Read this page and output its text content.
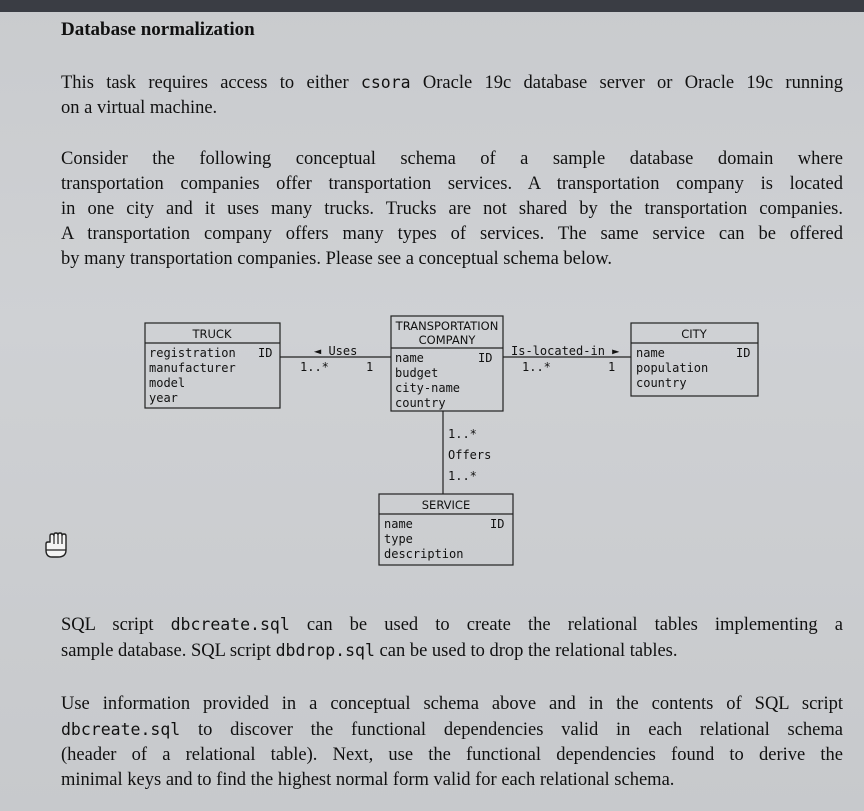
Database normalization
This task requires access to either csora Oracle 19c database server or Oracle 19c running
on a virtual machine.
Consider the following conceptual schema of a sample database domain where
transportation companies offer transportation services. A transportation company is located
in one city and it uses many trucks. Trucks are not shared by the transportation companies.
A transportation company offers many types of services. The same service can be offered
by many transportation companies. Please see a conceptual schema below.
TRUCK
registration ID
manufacturer
model
year
TRANSPORTATION
COMPANY
name	ID
budget
city-name
country
CITY
name	ID
population
country
SERVICE
name	ID
type
description
◄ Uses
1..*	1
Is-located-in ►
1..*	1
1..*
Offers
1..*
SQL script dbcreate.sql can be used to create the relational tables implementing a
sample database. SQL script dbdrop.sql can be used to drop the relational tables.
Use information provided in a conceptual schema above and in the contents of SQL script
dbcreate.sql to discover the functional dependencies valid in each relational schema
(header of a relational table). Next, use the functional dependencies found to derive the
minimal keys and to find the highest normal form valid for each relational schema.
